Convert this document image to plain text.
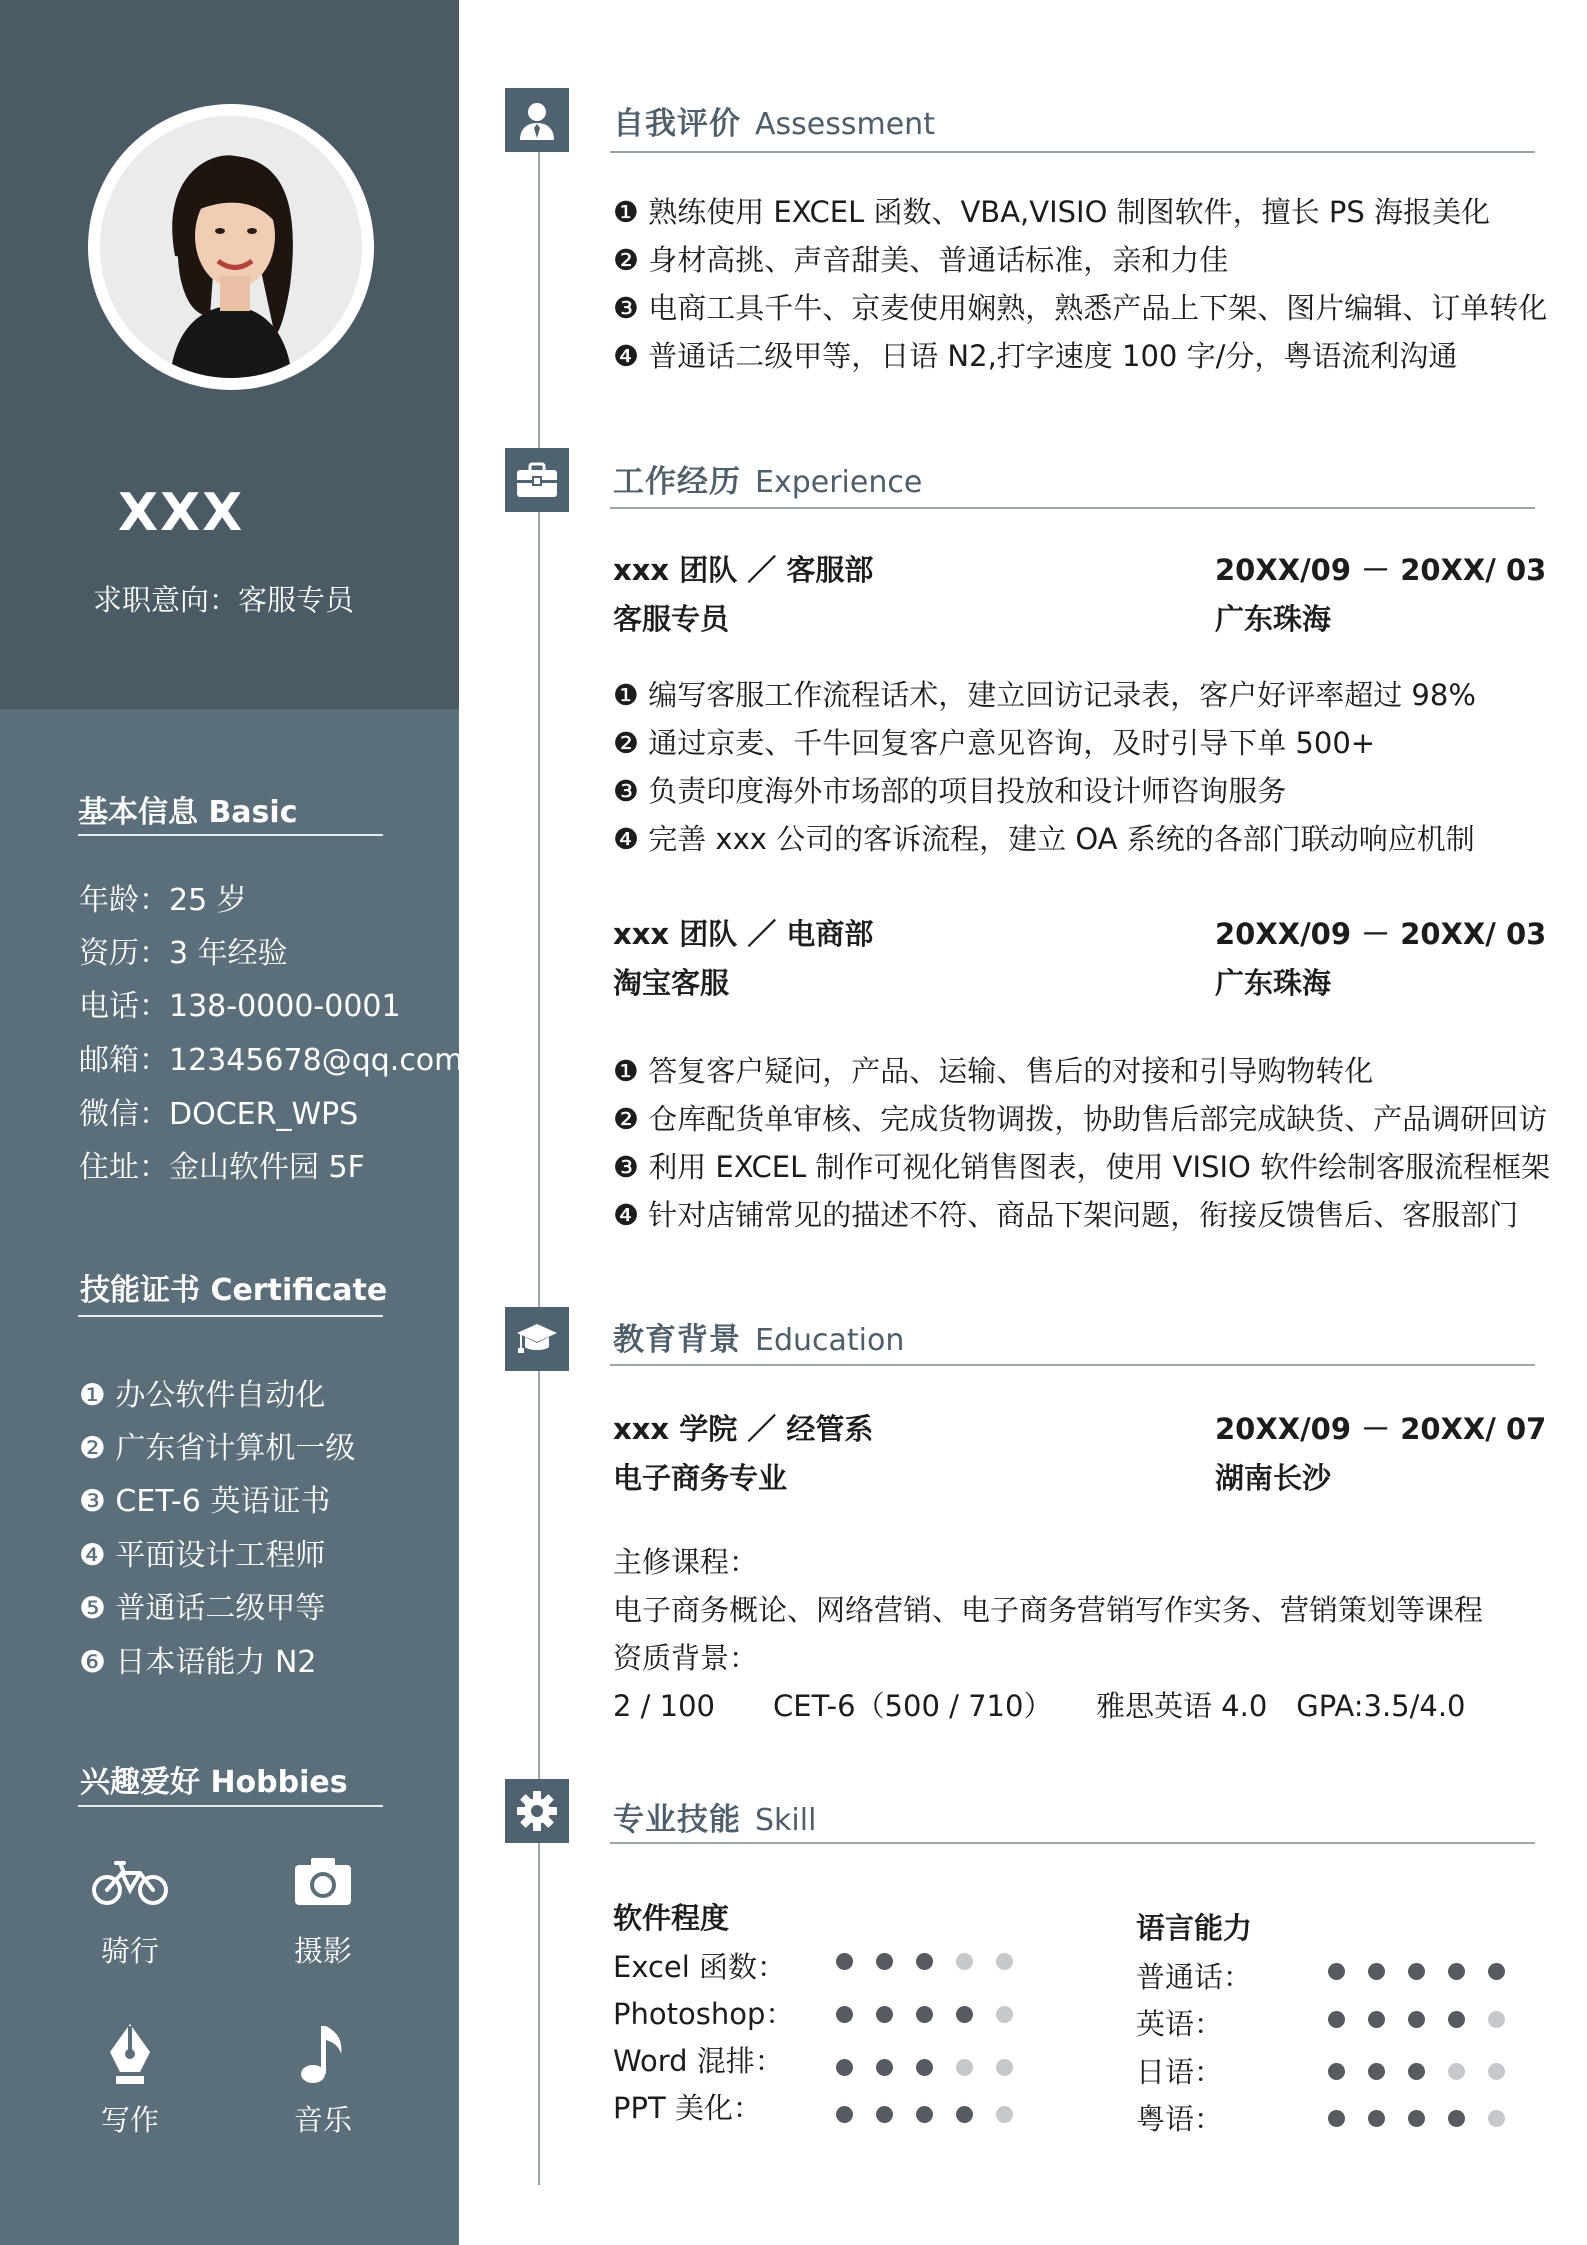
XXX
求职意向：客服专员
基本信息 Basic
年龄：25 岁
资历：3 年经验
电话：138-0000-0001
邮箱：12345678@qq.com
微信：DOCER_WPS
住址：金山软件园 5F
技能证书 Certificate
❶ 办公软件自动化
❷ 广东省计算机一级
❸ CET-6 英语证书
❹ 平面设计工程师
❺ 普通话二级甲等
❻ 日本语能力 N2
兴趣爱好 Hobbies
骑行	摄影
写作	音乐
自我评价 Assessment
❶ 熟练使用 EXCEL 函数、VBA,VISIO 制图软件，擅长 PS 海报美化
❷ 身材高挑、声音甜美、普通话标准，亲和力佳
❸ 电商工具千牛、京麦使用娴熟，熟悉产品上下架、图片编辑、订单转化
❹ 普通话二级甲等，日语 N2,打字速度 100 字/分，粤语流利沟通
工作经历 Experience
xxx 团队 ／ 客服部	20XX/09 － 20XX/ 03
客服专员	广东珠海
❶ 编写客服工作流程话术，建立回访记录表，客户好评率超过 98%
❷ 通过京麦、千牛回复客户意见咨询，及时引导下单 500+
❸ 负责印度海外市场部的项目投放和设计师咨询服务
❹ 完善 xxx 公司的客诉流程，建立 OA 系统的各部门联动响应机制
xxx 团队 ／ 电商部	20XX/09 － 20XX/ 03
淘宝客服	广东珠海
❶ 答复客户疑问，产品、运输、售后的对接和引导购物转化
❷ 仓库配货单审核、完成货物调拨，协助售后部完成缺货、产品调研回访
❸ 利用 EXCEL 制作可视化销售图表，使用 VISIO 软件绘制客服流程框架
❹ 针对店铺常见的描述不符、商品下架问题，衔接反馈售后、客服部门
教育背景 Education
xxx 学院 ／ 经管系	20XX/09 － 20XX/ 07
电子商务专业	湖南长沙
主修课程：
电子商务概论、网络营销、电子商务营销写作实务、营销策划等课程
资质背景：
2 / 100　　CET-6（500 / 710）　　雅思英语 4.0　GPA:3.5/4.0
专业技能 Skill
软件程度
Excel 函数：
Photoshop：
Word 混排：
PPT 美化：
语言能力
普通话：
英语：
日语：
粤语：
